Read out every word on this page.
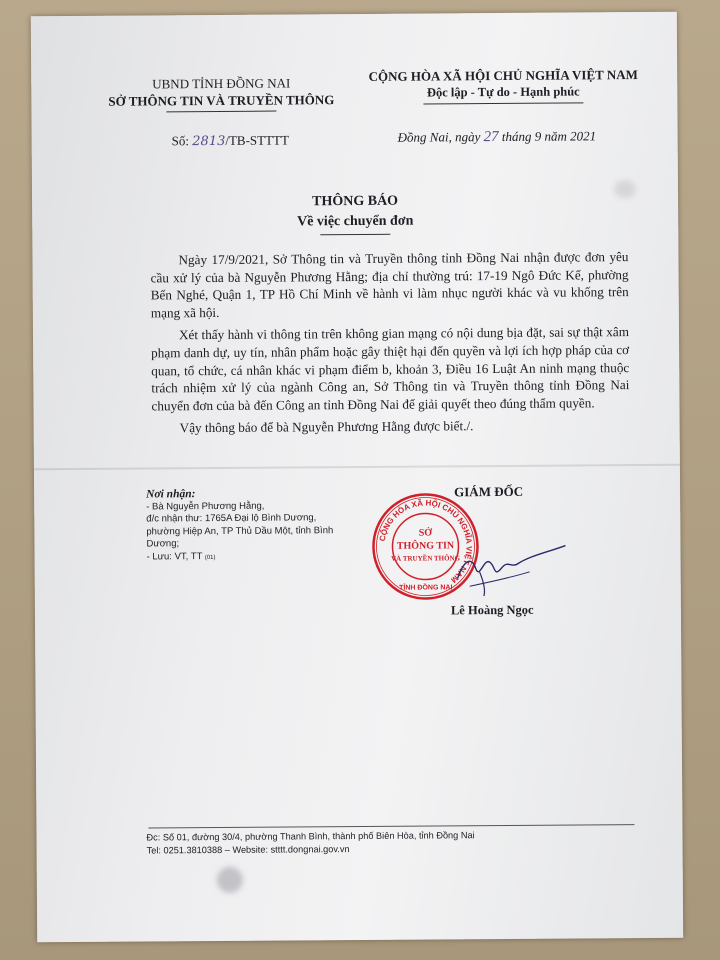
UBND TỈNH ĐỒNG NAI
SỞ THÔNG TIN VÀ TRUYỀN THÔNG
CỘNG HÒA XÃ HỘI CHỦ NGHĨA VIỆT NAM
Độc lập - Tự do - Hạnh phúc
Số: 2813/TB-STTTT	Đồng Nai, ngày 27 tháng 9 năm 2021
THÔNG BÁO
Về việc chuyển đơn

Ngày 17/9/2021, Sở Thông tin và Truyền thông tỉnh Đồng Nai nhận được đơn yêu cầu xử lý của bà Nguyễn Phương Hằng; địa chỉ thường trú: 17-19 Ngô Đức Kế, phường Bến Nghé, Quận 1, TP Hồ Chí Minh về hành vi làm nhục người khác và vu khống trên mạng xã hội.

Xét thấy hành vi thông tin trên không gian mạng có nội dung bịa đặt, sai sự thật xâm phạm danh dự, uy tín, nhân phẩm hoặc gây thiệt hại đến quyền và lợi ích hợp pháp của cơ quan, tổ chức, cá nhân khác vi phạm điểm b, khoản 3, Điều 16 Luật An ninh mạng thuộc trách nhiệm xử lý của ngành Công an, Sở Thông tin và Truyền thông tỉnh Đồng Nai chuyển đơn của bà đến Công an tỉnh Đồng Nai để giải quyết theo đúng thẩm quyền.

Vậy thông báo để bà Nguyễn Phương Hằng được biết./.

Nơi nhận:
- Bà Nguyễn Phương Hằng,
đ/c nhận thư: 1765A Đại lộ Bình Dương, phường Hiệp An, TP Thủ Dầu Một, tỉnh Bình Dương;
- Lưu: VT, TT (01)
GIÁM ĐỐC
CỘNG HÒA XÃ HỘI CHỦ NGHĨA VIỆT NAM
SỞ
THÔNG TIN
VÀ TRUYỀN THÔNG
TỈNH ĐỒNG NAI
Lê Hoàng Ngọc
Đc: Số 01, đường 30/4, phường Thanh Bình, thành phố Biên Hòa, tỉnh Đồng Nai
Tel: 0251.3810388 – Website: stttt.dongnai.gov.vn
